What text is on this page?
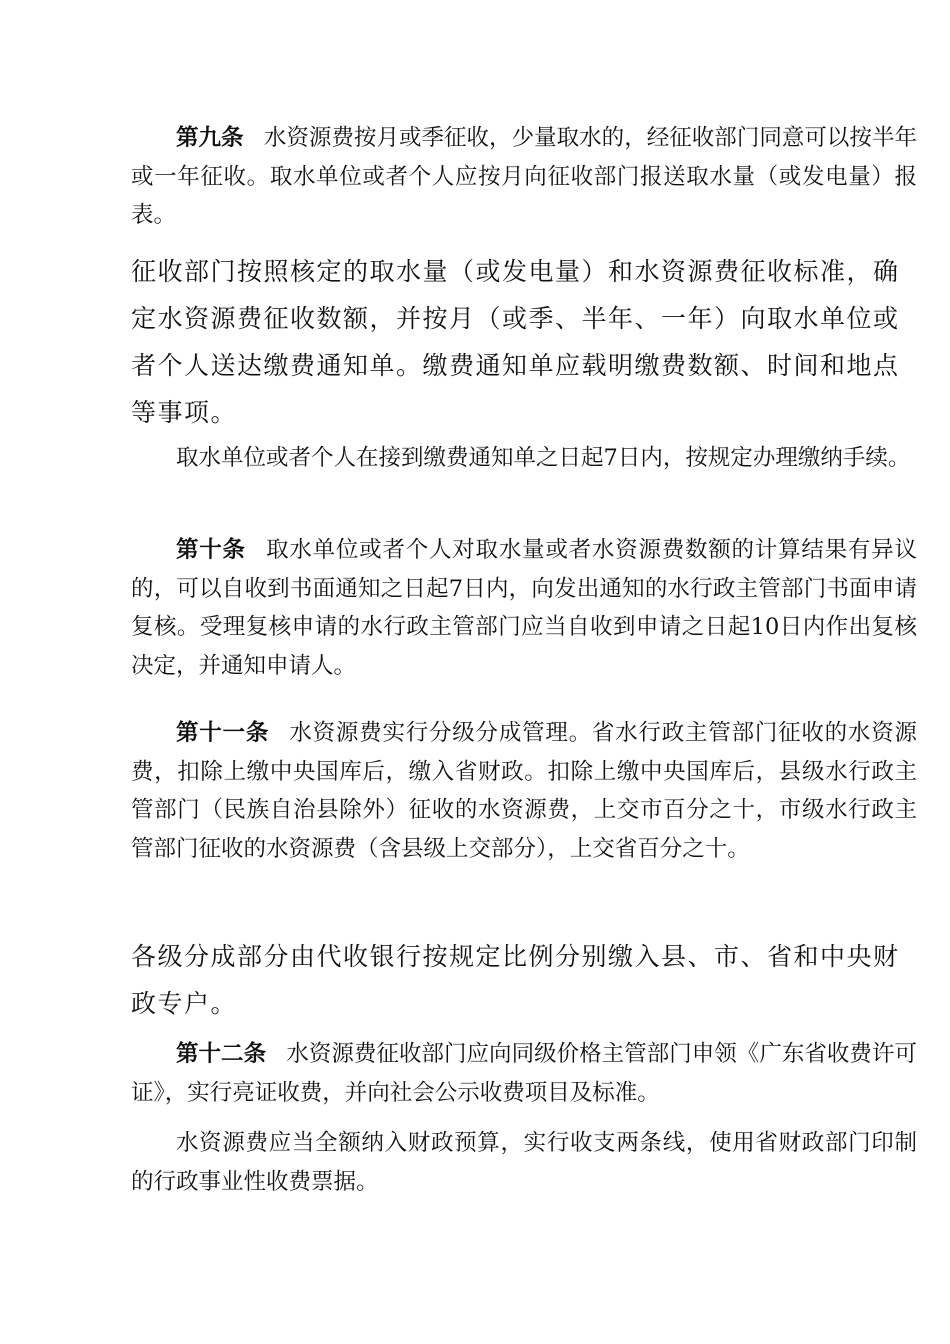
第九条 水资源费按月或季征收，少量取水的，经征收部门同意可以按半年或一年征收。取水单位或者个人应按月向征收部门报送取水量（或发电量）报表。

征收部门按照核定的取水量（或发电量）和水资源费征收标准，确定水资源费征收数额，并按月（或季、半年、一年）向取水单位或者个人送达缴费通知单。缴费通知单应载明缴费数额、时间和地点等事项。

取水单位或者个人在接到缴费通知单之日起7日内，按规定办理缴纳手续。

第十条 取水单位或者个人对取水量或者水资源费数额的计算结果有异议的，可以自收到书面通知之日起7日内，向发出通知的水行政主管部门书面申请复核。受理复核申请的水行政主管部门应当自收到申请之日起10日内作出复核决定，并通知申请人。

第十一条 水资源费实行分级分成管理。省水行政主管部门征收的水资源费，扣除上缴中央国库后，缴入省财政。扣除上缴中央国库后，县级水行政主管部门（民族自治县除外）征收的水资源费，上交市百分之十，市级水行政主管部门征收的水资源费（含县级上交部分），上交省百分之十。

各级分成部分由代收银行按规定比例分别缴入县、市、省和中央财政专户。

第十二条 水资源费征收部门应向同级价格主管部门申领《广东省收费许可证》，实行亮证收费，并向社会公示收费项目及标准。

水资源费应当全额纳入财政预算，实行收支两条线，使用省财政部门印制的行政事业性收费票据。
